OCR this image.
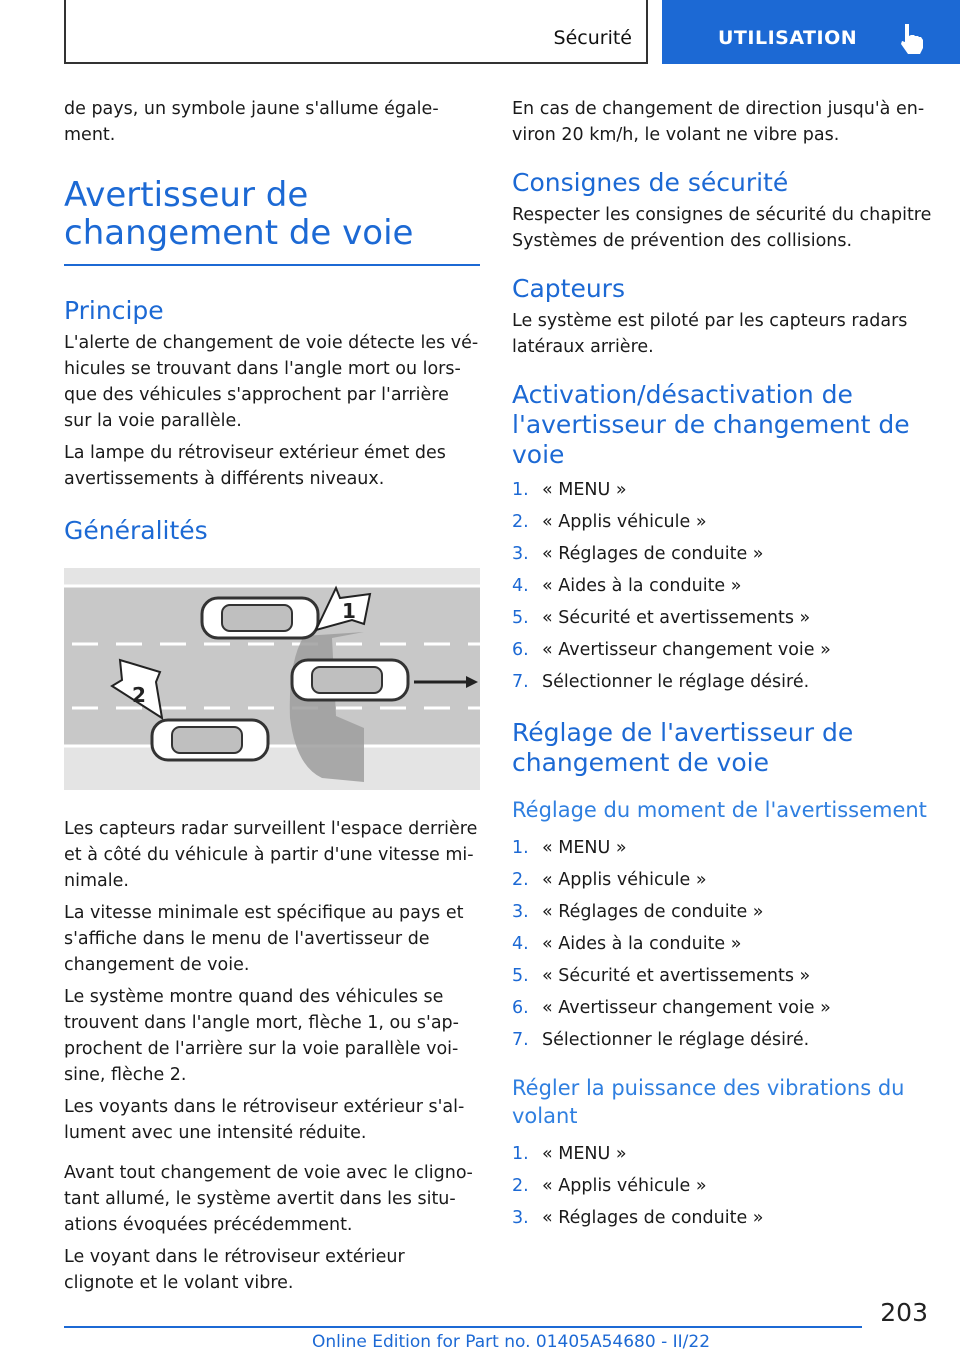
Sécurité	UTILISATION

de pays, un symbole jaune s'allume également.

Avertisseur de changement de voie
Principe

L'alerte de changement de voie détecte les véhicules se trouvant dans l'angle mort ou lorsque des véhicules s'approchent par l'arrière sur la voie parallèle.

La lampe du rétroviseur extérieur émet des avertissements à différents niveaux.

Généralités
1
2

Les capteurs radar surveillent l'espace derrière et à côté du véhicule à partir d'une vitesse minimale.

La vitesse minimale est spécifique au pays et s'affiche dans le menu de l'avertisseur de changement de voie.

Le système montre quand des véhicules se trouvent dans l'angle mort, flèche 1, ou s'approchent de l'arrière sur la voie parallèle voisine, flèche 2.

Les voyants dans le rétroviseur extérieur s'allument avec une intensité réduite.

Avant tout changement de voie avec le clignotant allumé, le système avertit dans les situations évoquées précédemment.

Le voyant dans le rétroviseur extérieur clignote et le volant vibre.

En cas de changement de direction jusqu'à environ 20 km/h, le volant ne vibre pas.

Consignes de sécurité

Respecter les consignes de sécurité du chapitre Systèmes de prévention des collisions.

Capteurs

Le système est piloté par les capteurs radars latéraux arrière.

Activation/désactivation de l'avertisseur de changement de voie
1. « MENU »
2. « Applis véhicule »
3. « Réglages de conduite »
4. « Aides à la conduite »
5. « Sécurité et avertissements »
6. « Avertisseur changement voie »
7. Sélectionner le réglage désiré.
Réglage de l'avertisseur de changement de voie
Réglage du moment de l'avertissement
1. « MENU »
2. « Applis véhicule »
3. « Réglages de conduite »
4. « Aides à la conduite »
5. « Sécurité et avertissements »
6. « Avertisseur changement voie »
7. Sélectionner le réglage désiré.
Régler la puissance des vibrations du volant
1. « MENU »
2. « Applis véhicule »
3. « Réglages de conduite »
203
Online Edition for Part no. 01405A54680 - II/22
